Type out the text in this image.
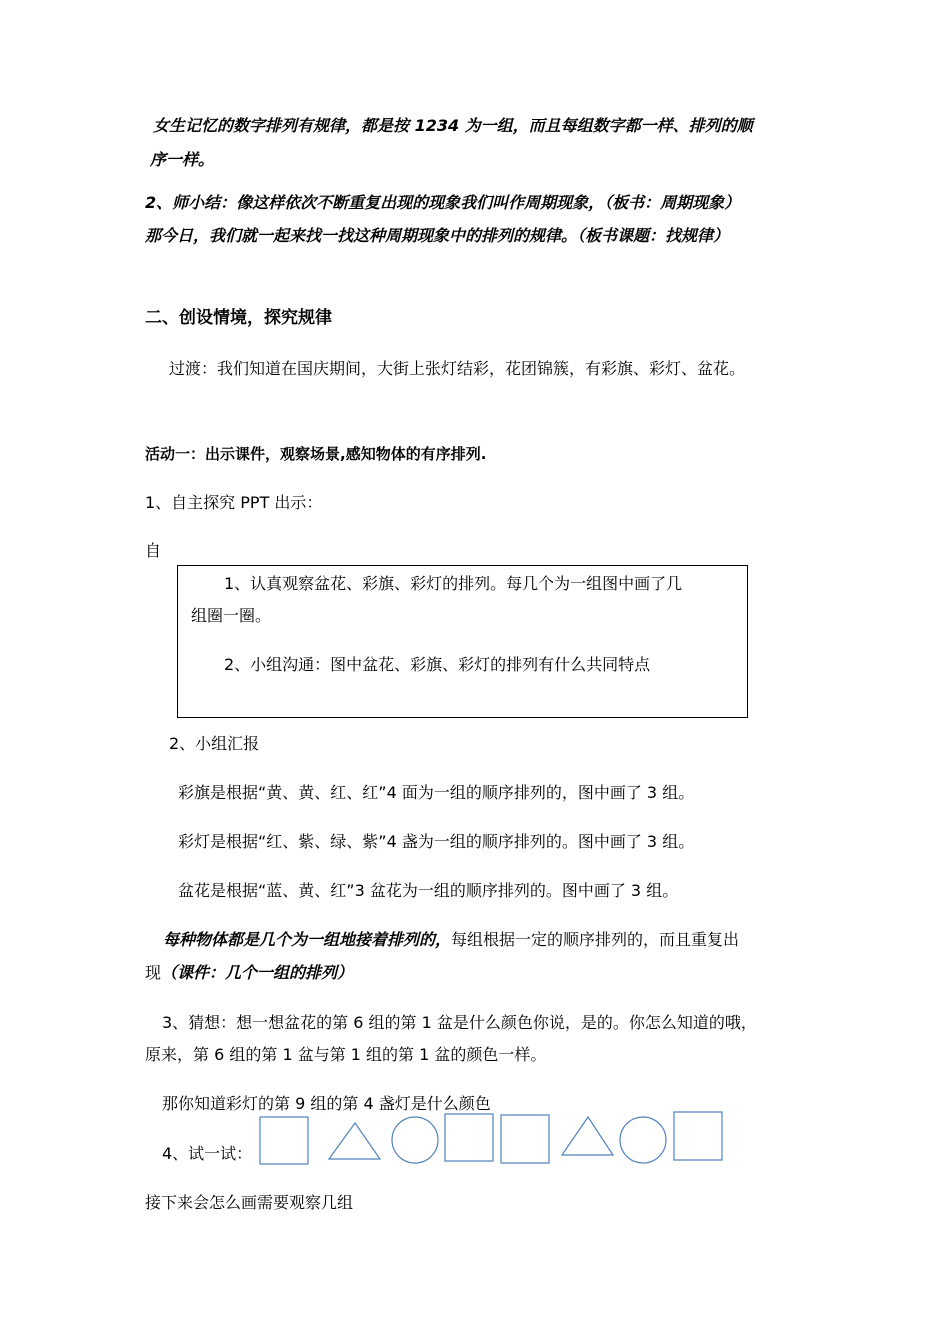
女生记忆的数字排列有规律，都是按 1234 为一组，而且每组数字都一样、排列的顺
序一样。
2、师小结：像这样依次不断重复出现的现象我们叫作周期现象，（板书：周期现象）
那今日，我们就一起来找一找这种周期现象中的排列的规律。（板书课题：找规律）
二、创设情境，探究规律
过渡：我们知道在国庆期间，大街上张灯结彩，花团锦簇，有彩旗、彩灯、盆花。
活动一：出示课件，观察场景,感知物体的有序排列.
1、自主探究 PPT 出示：
自
1、认真观察盆花、彩旗、彩灯的排列。每几个为一组图中画了几
组圈一圈。
2、小组沟通：图中盆花、彩旗、彩灯的排列有什么共同特点
2、小组汇报
彩旗是根据“黄、黄、红、红”4 面为一组的顺序排列的，图中画了 3 组。
彩灯是根据“红、紫、绿、紫”4 盏为一组的顺序排列的。图中画了 3 组。
盆花是根据“蓝、黄、红”3 盆花为一组的顺序排列的。图中画了 3 组。
每种物体都是几个为一组地接着排列的，每组根据一定的顺序排列的，而且重复出
现（课件：几个一组的排列）
3、猜想：想一想盆花的第 6 组的第 1 盆是什么颜色你说，是的。你怎么知道的哦，
原来，第 6 组的第 1 盆与第 1 组的第 1 盆的颜色一样。
那你知道彩灯的第 9 组的第 4 盏灯是什么颜色
4、试一试：
接下来会怎么画需要观察几组
